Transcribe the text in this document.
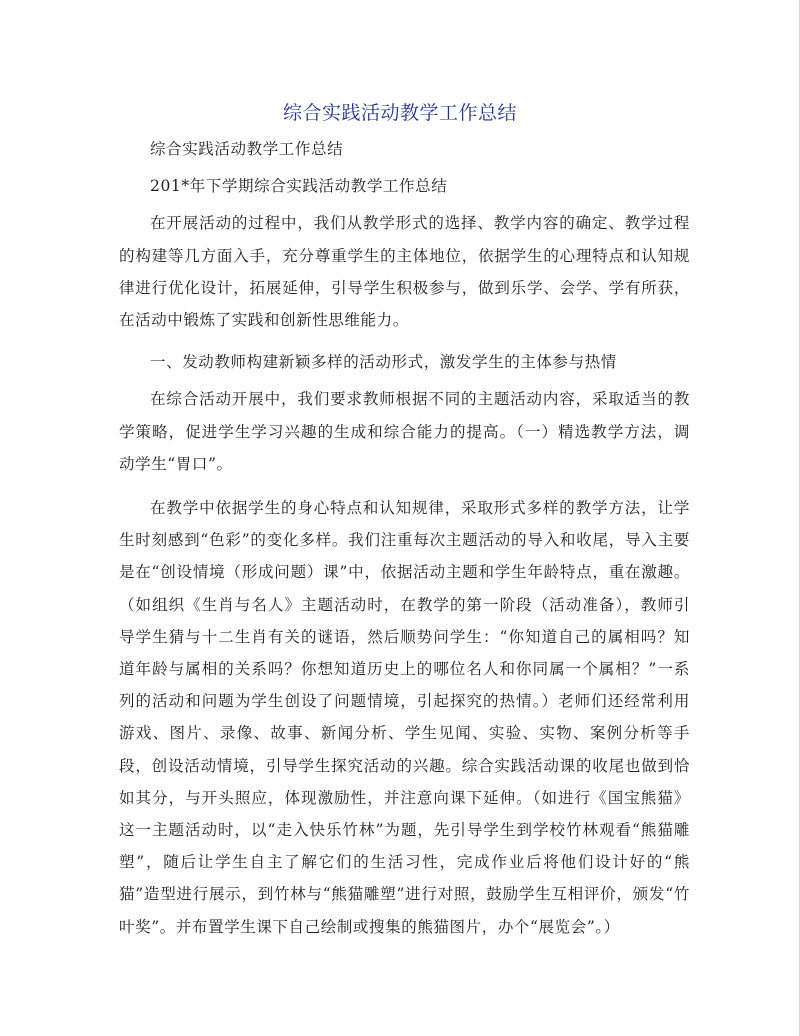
综合实践活动教学工作总结

综合实践活动教学工作总结

201*年下学期综合实践活动教学工作总结

在开展活动的过程中，我们从教学形式的选择、教学内容的确定、教学过程的构建等几方面入手，充分尊重学生的主体地位，依据学生的心理特点和认知规律进行优化设计，拓展延伸，引导学生积极参与，做到乐学、会学、学有所获，在活动中锻炼了实践和创新性思维能力。

一、发动教师构建新颖多样的活动形式，激发学生的主体参与热情

在综合活动开展中，我们要求教师根据不同的主题活动内容，采取适当的教学策略，促进学生学习兴趣的生成和综合能力的提高。（一）精选教学方法，调动学生“胃口”。

在教学中依据学生的身心特点和认知规律，采取形式多样的教学方法，让学生时刻感到“色彩”的变化多样。我们注重每次主题活动的导入和收尾，导入主要是在“创设情境（形成问题）课”中，依据活动主题和学生年龄特点，重在激趣。（如组织《生肖与名人》主题活动时，在教学的第一阶段（活动准备），教师引导学生猜与十二生肖有关的谜语，然后顺势问学生：“你知道自己的属相吗？知道年龄与属相的关系吗？你想知道历史上的哪位名人和你同属一个属相？”一系列的活动和问题为学生创设了问题情境，引起探究的热情。）老师们还经常利用游戏、图片、录像、故事、新闻分析、学生见闻、实验、实物、案例分析等手段，创设活动情境，引导学生探究活动的兴趣。综合实践活动课的收尾也做到恰如其分，与开头照应，体现激励性，并注意向课下延伸。（如进行《国宝熊猫》这一主题活动时，以“走入快乐竹林”为题，先引导学生到学校竹林观看“熊猫雕塑”，随后让学生自主了解它们的生活习性，完成作业后将他们设计好的“熊猫”造型进行展示，到竹林与“熊猫雕塑”进行对照，鼓励学生互相评价，颁发“竹叶奖”。并布置学生课下自己绘制或搜集的熊猫图片，办个“展览会”。）
